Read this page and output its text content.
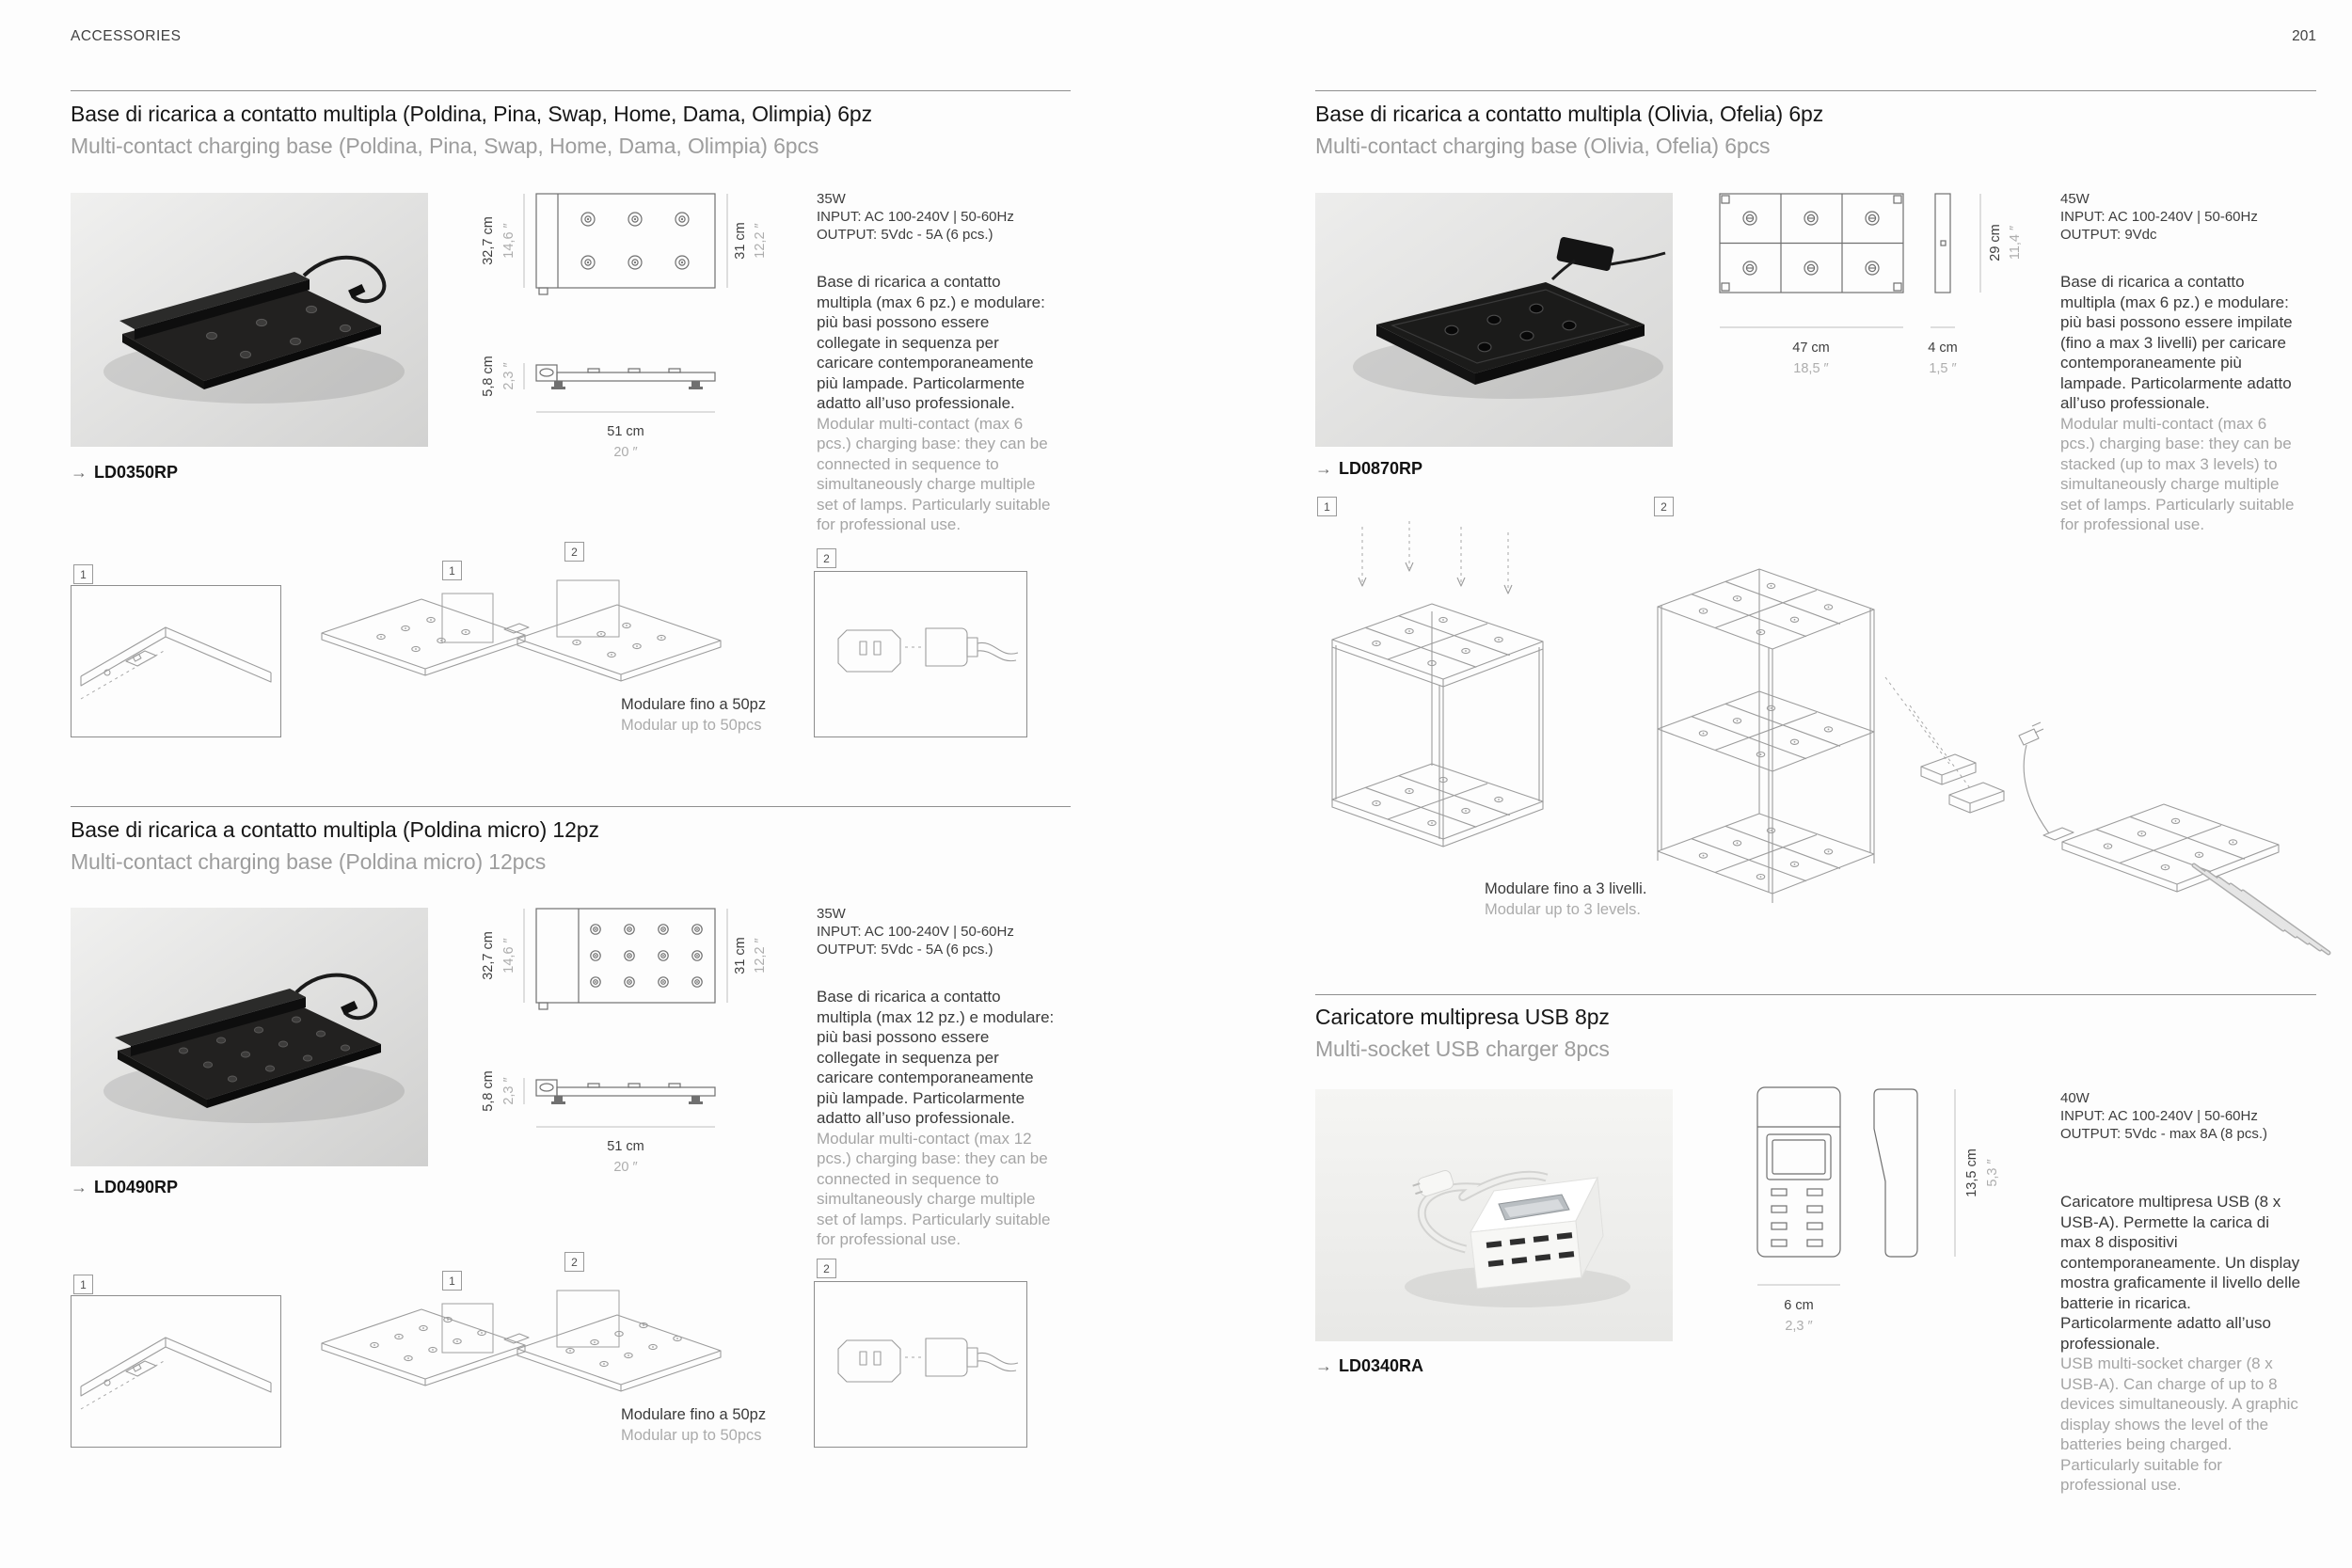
ACCESSORIES	201
Base di ricarica a contatto multipla (Poldina, Pina, Swap, Home, Dama, Olimpia) 6pz
Multi-contact charging base (Poldina, Pina, Swap, Home, Dama, Olimpia) 6pcs
32,7 cm 14,6 ″	31 cm 12,2 ″
5,8 cm 2,3 ″
51 cm
20 ″
35W
INPUT: AC 100-240V | 50-60Hz
OUTPUT: 5Vdc - 5A (6 pcs.)
Base di ricarica a contatto multipla (max 6 pz.) e modulare: più basi possono essere collegate in sequenza per caricare contemporaneamente più lampade. Particolarmente adatto all’uso professionale.
Modular multi-contact (max 6 pcs.) charging base: they can be connected in sequence to simultaneously charge multiple set of lamps. Particularly suitable for professional use.
→ LD0350RP
1	1
2
Modulare fino a 50pz
Modular up to 50pcs
2
Base di ricarica a contatto multipla (Poldina micro) 12pz
Multi-contact charging base (Poldina micro) 12pcs
32,7 cm 14,6 ″	31 cm 12,2 ″
5,8 cm 2,3 ″
51 cm
20 ″
35W
INPUT: AC 100-240V | 50-60Hz
OUTPUT: 5Vdc - 5A (6 pcs.)
Base di ricarica a contatto multipla (max 12 pz.) e modulare: più basi possono essere collegate in sequenza per caricare contemporaneamente più lampade. Particolarmente adatto all’uso professionale.
Modular multi-contact (max 12 pcs.) charging base: they can be connected in sequence to simultaneously charge multiple set of lamps. Particularly suitable for professional use.
→ LD0490RP
1	1
2
Modulare fino a 50pz
Modular up to 50pcs
2
Base di ricarica a contatto multipla (Olivia, Ofelia) 6pz
Multi-contact charging base (Olivia, Ofelia) 6pcs
47 cm
18,5 ″
4 cm
1,5 ″
29 cm 11,4 ″
45W
INPUT: AC 100-240V | 50-60Hz
OUTPUT: 9Vdc
Base di ricarica a contatto multipla (max 6 pz.) e modulare: più basi possono essere impilate (fino a max 3 livelli) per caricare contemporaneamente più lampade. Particolarmente adatto all’uso professionale.
Modular multi-contact (max 6 pcs.) charging base: they can be stacked (up to max 3 levels) to simultaneously charge multiple set of lamps. Particularly suitable for professional use.
→ LD0870RP
1	2
Modulare fino a 3 livelli.
Modular up to 3 levels.
Caricatore multipresa USB 8pz
Multi-socket USB charger 8pcs
6 cm
2,3 ″
13,5 cm 5,3 ″
40W
INPUT: AC 100-240V | 50-60Hz
OUTPUT: 5Vdc - max 8A (8 pcs.)
Caricatore multipresa USB (8 x USB-A). Permette la carica di max 8 dispositivi contemporaneamente. Un display mostra graficamente il livello delle batterie in ricarica. Particolarmente adatto all’uso professionale.
USB multi-socket charger (8 x USB-A). Can charge of up to 8 devices simultaneously. A graphic display shows the level of the batteries being charged. Particularly suitable for professional use.
→ LD0340RA
